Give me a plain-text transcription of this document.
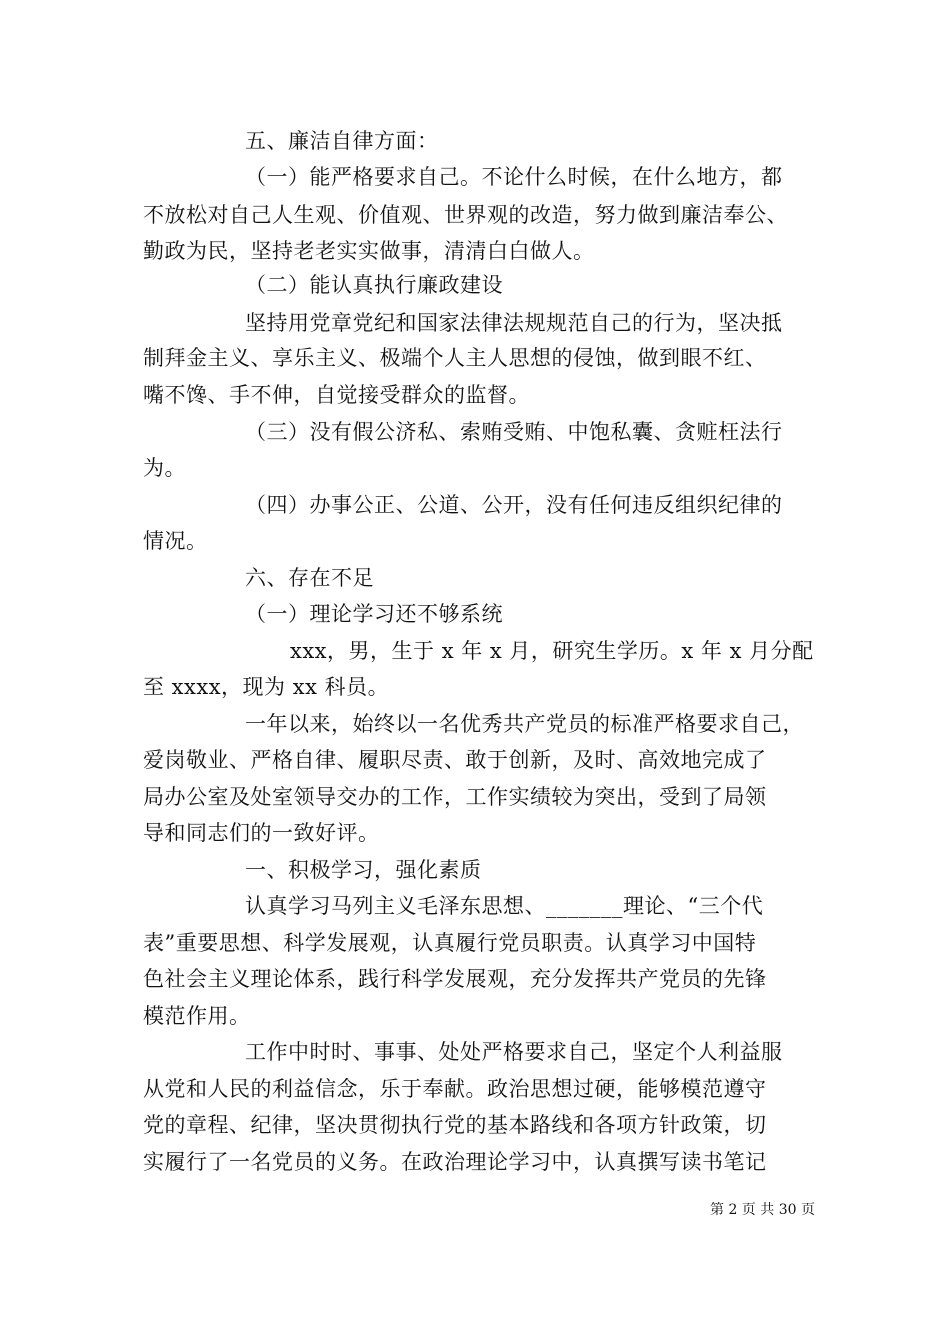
五、廉洁自律方面：
（一）能严格要求自己。不论什么时候，在什么地方，都
不放松对自己人生观、价值观、世界观的改造，努力做到廉洁奉公、
勤政为民，坚持老老实实做事，清清白白做人。
（二）能认真执行廉政建设
坚持用党章党纪和国家法律法规规范自己的行为，坚决抵
制拜金主义、享乐主义、极端个人主人思想的侵蚀，做到眼不红、
嘴不馋、手不伸，自觉接受群众的监督。
（三）没有假公济私、索贿受贿、中饱私囊、贪赃枉法行
为。
（四）办事公正、公道、公开，没有任何违反组织纪律的
情况。
六、存在不足
（一）理论学习还不够系统
xxx，男，生于 x 年 x 月，研究生学历。x 年 x 月分配
至 xxxx，现为 xx 科员。
一年以来，始终以一名优秀共产党员的标准严格要求自己，
爱岗敬业、严格自律、履职尽责、敢于创新，及时、高效地完成了
局办公室及处室领导交办的工作，工作实绩较为突出，受到了局领
导和同志们的一致好评。
一、积极学习，强化素质
认真学习马列主义毛泽东思想、_______理论、“三个代
表”重要思想、科学发展观，认真履行党员职责。认真学习中国特
色社会主义理论体系，践行科学发展观，充分发挥共产党员的先锋
模范作用。
工作中时时、事事、处处严格要求自己，坚定个人利益服
从党和人民的利益信念，乐于奉献。政治思想过硬，能够模范遵守
党的章程、纪律，坚决贯彻执行党的基本路线和各项方针政策，切
实履行了一名党员的义务。在政治理论学习中，认真撰写读书笔记
第 2 页 共 30 页
